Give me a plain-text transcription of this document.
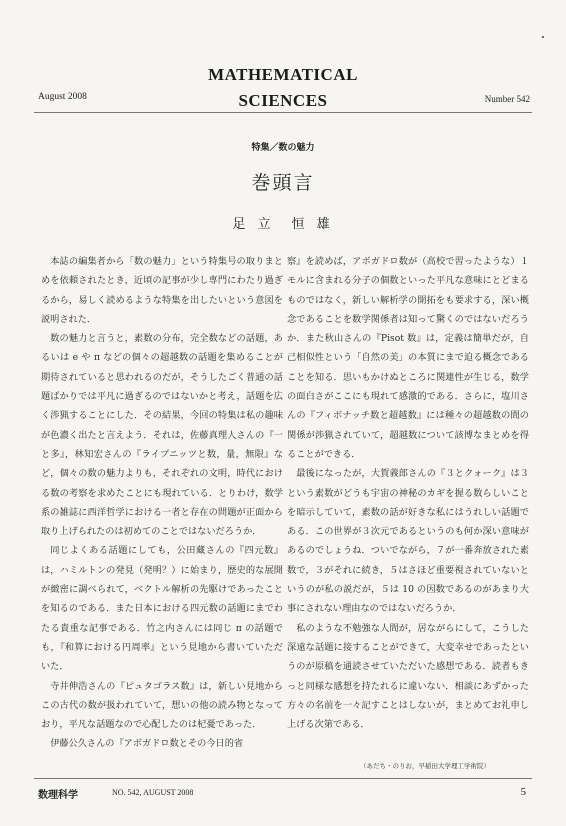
MATHEMATICAL
SCIENCES
August 2008	Number 542
特集／数の魅力
巻頭言
足 立　恒 雄

本誌の編集者から「数の魅力」という特集号の取りまとめを依頼されたとき，近頃の記事が少し専門にわたり過ぎるから，易しく読めるような特集を出したいという意図を説明された．

数の魅力と言うと，素数の分布，完全数などの話題，あるいは e や π などの個々の超越数の話題を集めることが期待されていると思われるのだが，そうしたごく普通の話題ばかりでは平凡に過ぎるのではないかと考え，話題を広く渉猟することにした．その結果，今回の特集は私の趣味が色濃く出たと言えよう．それは，佐藤真理人さんの『一と多』，林知宏さんの『ライプニッツと数，量，無限』など，個々の数の魅力よりも，それぞれの文明，時代における数の考察を求めたことにも現れている．とりわけ，数学系の雑誌に西洋哲学における一者と存在の問題が正面から取り上げられたのは初めてのことではないだろうか．

同じよくある話題にしても，公田藏さんの『四元数』は，ハミルトンの発見（発明？）に始まり，歴史的な展開が緻密に調べられて，ベクトル解析の先駆けであったことを知るのである．また日本における四元数の話題にまでわたる貴重な記事である．竹之内さんには同じ π の話題でも，『和算における円周率』という見地から書いていただいた．

寺井伸浩さんの『ピュタゴラス数』は，新しい見地からこの古代の数が扱われていて，想いの他の読み物となっており，平凡な話題なので心配したのは杞憂であった．

伊藤公久さんの『アボガドロ数とその今日的省

察』を読めば，アボガドロ数が（高校で習ったような）１モルに含まれる分子の個数といった平凡な意味にとどまるものではなく，新しい解析学の開拓をも要求する，深い概念であることを数学関係者は知って驚くのではないだろうか．また秋山さんの『Pisot 数』は，定義は簡単だが，自己相似性という「自然の美」の本質にまで迫る概念であることを知る．思いもかけぬところに関連性が生じる，数学の面白さがここにも現れて感激的である．さらに，塩川さんの『フィボナッチ数と超越数』には種々の超越数の間の関係が渉猟されていて，超越数について該博なまとめを得ることができる．

最後になったが，大賀義郎さんの『３とクォーク』は３という素数がどうも宇宙の神秘のカギを握る数らしいことを暗示していて，素数の話が好きな私にはうれしい話題である．この世界が３次元であるというのも何か深い意味があるのでしょうね．ついでながら，７が一番奔放された素数で，３がそれに続き，５はさほど重要視されていないというのが私の説だが，５は 10 の因数であるのがあまり大事にされない理由なのではないだろうか．

私のような不勉強な人間が，居ながらにして，こうした深遠な話題に接することができて，大変幸せであったというのが原稿を通読させていただいた感想である．読者もきっと同様な感想を持たれるに違いない．相談にあずかった方々の名前を一々記すことはしないが，まとめてお礼申し上げる次第である．

（あだち・のりお，早稲田大学理工学術院）
数理科学	NO. 542, AUGUST 2008	5
